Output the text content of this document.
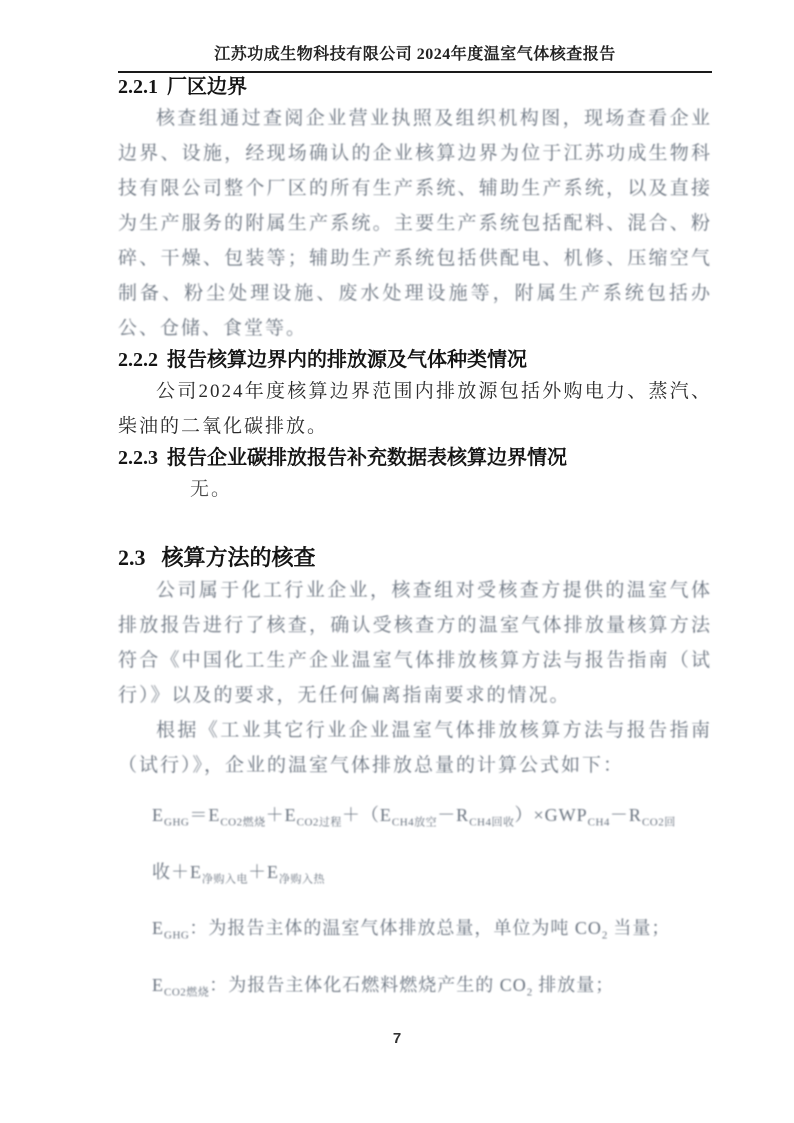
江苏功成生物科技有限公司 2024年度温室气体核查报告
2.2.1 厂区边界

核查组通过查阅企业营业执照及组织机构图，现场查看企业边界、设施，经现场确认的企业核算边界为位于江苏功成生物科技有限公司整个厂区的所有生产系统、辅助生产系统，以及直接为生产服务的附属生产系统。主要生产系统包括配料、混合、粉碎、干燥、包装等；辅助生产系统包括供配电、机修、压缩空气制备、粉尘处理设施、废水处理设施等，附属生产系统包括办公、仓储、食堂等。

2.2.2 报告核算边界内的排放源及气体种类情况

公司2024年度核算边界范围内排放源包括外购电力、蒸汽、柴油的二氧化碳排放。

2.2.3 报告企业碳排放报告补充数据表核算边界情况

无。

2.3 核算方法的核查

公司属于化工行业企业，核查组对受核查方提供的温室气体排放报告进行了核查，确认受核查方的温室气体排放量核算方法符合《中国化工生产企业温室气体排放核算方法与报告指南（试行）》以及的要求，无任何偏离指南要求的情况。

根据《工业其它行业企业温室气体排放核算方法与报告指南（试行）》，企业的温室气体排放总量的计算公式如下：

$E_{GHG}=E_{CO2燃烧}+E_{CO2过程}+(E_{CH4放空}-R_{CH4回收})\times GWP_{CH4}-R_{CO2回}$
收$+E_{净购入电}+E_{净购入热}$
$E_{GHG}$：为报告主体的温室气体排放总量，单位为吨 $CO_2$ 当量；
$E_{CO2燃烧}$：为报告主体化石燃料燃烧产生的 $CO_2$ 排放量；
7
